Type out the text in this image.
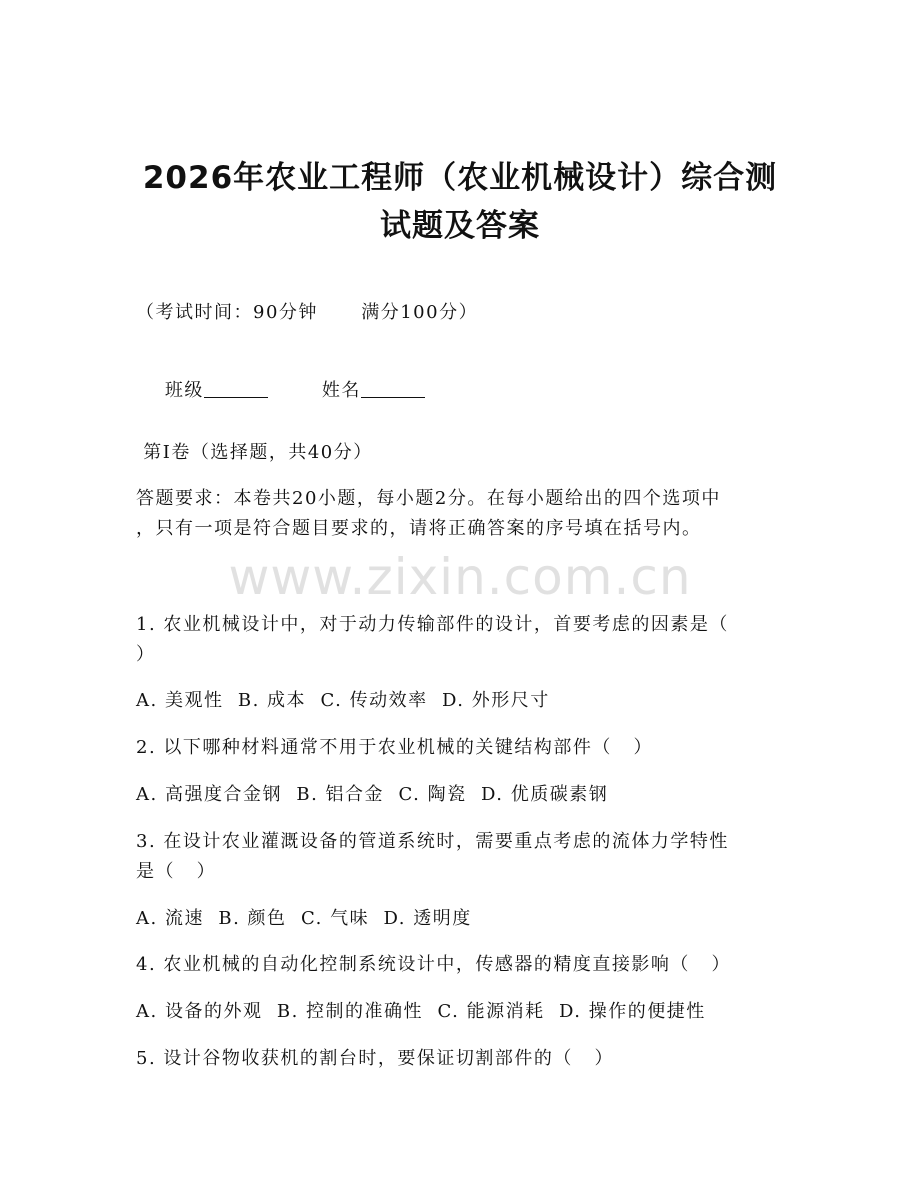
2026年农业工程师（农业机械设计）综合测
试题及答案
（考试时间：90分钟      满分100分）

班级	姓名

第Ⅰ卷（选择题，共40分）
答题要求：本卷共20小题，每小题2分。在每小题给出的四个选项中
，只有一项是符合题目要求的，请将正确答案的序号填在括号内。
www.zixin.com.cn
1. 农业机械设计中，对于动力传输部件的设计，首要考虑的因素是（
）
A. 美观性  B. 成本  C. 传动效率  D. 外形尺寸
2. 以下哪种材料通常不用于农业机械的关键结构部件（   ）
A. 高强度合金钢  B. 铝合金  C. 陶瓷  D. 优质碳素钢
3. 在设计农业灌溉设备的管道系统时，需要重点考虑的流体力学特性
是（   ）
A. 流速  B. 颜色  C. 气味  D. 透明度
4. 农业机械的自动化控制系统设计中，传感器的精度直接影响（   ）
A. 设备的外观  B. 控制的准确性  C. 能源消耗  D. 操作的便捷性
5. 设计谷物收获机的割台时，要保证切割部件的（   ）
